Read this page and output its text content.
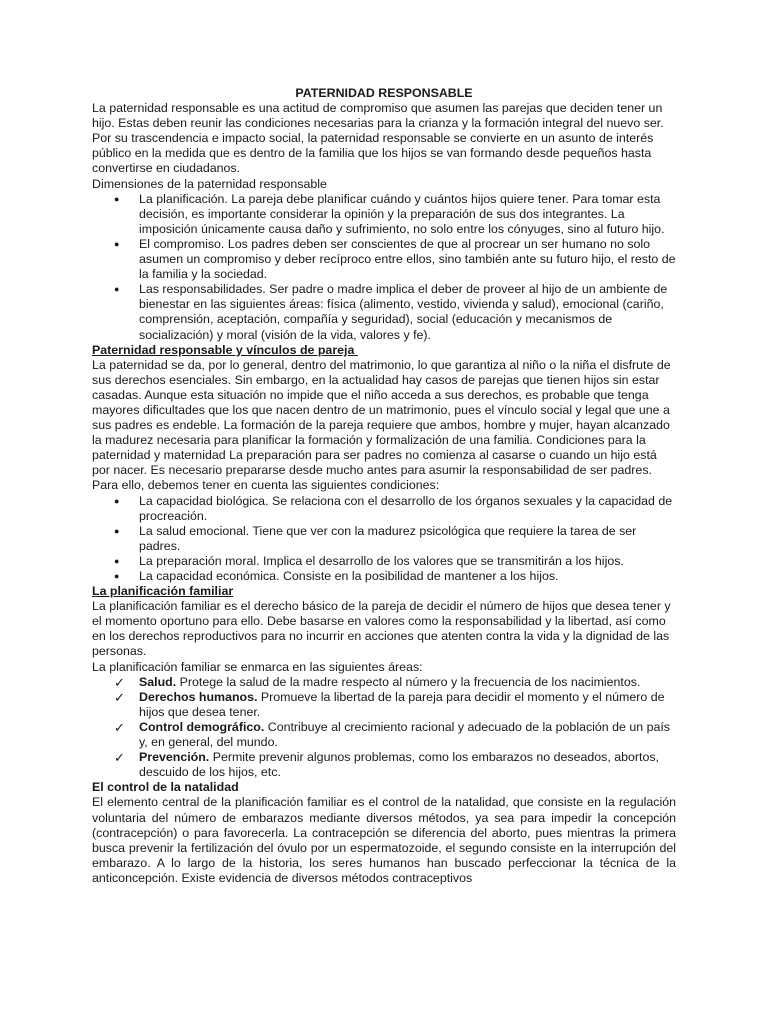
PATERNIDAD RESPONSABLE

La paternidad responsable es una actitud de compromiso que asumen las parejas que deciden tener un hijo. Estas deben reunir las condiciones necesarias para la crianza y la formación integral del nuevo ser. Por su trascendencia e impacto social, la paternidad responsable se convierte en un asunto de interés público en la medida que es dentro de la familia que los hijos se van formando desde pequeños hasta convertirse en ciudadanos.

Dimensiones de la paternidad responsable

●	La planificación. La pareja debe planificar cuándo y cuántos hijos quiere tener. Para tomar esta decisión, es importante considerar la opinión y la preparación de sus dos integrantes. La imposición únicamente causa daño y sufrimiento, no solo entre los cónyuges, sino al futuro hijo.
●	El compromiso. Los padres deben ser conscientes de que al procrear un ser humano no solo asumen un compromiso y deber recíproco entre ellos, sino también ante su futuro hijo, el resto de la familia y la sociedad.
●	Las responsabilidades. Ser padre o madre implica el deber de proveer al hijo de un ambiente de bienestar en las siguientes áreas: física (alimento, vestido, vivienda y salud), emocional (cariño, comprensión, aceptación, compañía y seguridad), social (educación y mecanismos de socialización) y moral (visión de la vida, valores y fe).

Paternidad responsable y vínculos de pareja

La paternidad se da, por lo general, dentro del matrimonio, lo que garantiza al niño o la niña el disfrute de sus derechos esenciales. Sin embargo, en la actualidad hay casos de parejas que tienen hijos sin estar casadas. Aunque esta situación no impide que el niño acceda a sus derechos, es probable que tenga mayores dificultades que los que nacen dentro de un matrimonio, pues el vínculo social y legal que une a sus padres es endeble. La formación de la pareja requiere que ambos, hombre y mujer, hayan alcanzado la madurez necesaria para planificar la formación y formalización de una familia. Condiciones para la paternidad y maternidad La preparación para ser padres no comienza al casarse o cuando un hijo está por nacer. Es necesario prepararse desde mucho antes para asumir la responsabilidad de ser padres.

Para ello, debemos tener en cuenta las siguientes condiciones:

●	La capacidad biológica. Se relaciona con el desarrollo de los órganos sexuales y la capacidad de procreación.
●	La salud emocional. Tiene que ver con la madurez psicológica que requiere la tarea de ser padres.
●	La preparación moral. Implica el desarrollo de los valores que se transmitirán a los hijos.
●	La capacidad económica. Consiste en la posibilidad de mantener a los hijos.

La planificación familiar

La planificación familiar es el derecho básico de la pareja de decidir el número de hijos que desea tener y el momento oportuno para ello. Debe basarse en valores como la responsabilidad y la libertad, así como en los derechos reproductivos para no incurrir en acciones que atenten contra la vida y la dignidad de las personas.

La planificación familiar se enmarca en las siguientes áreas:

✓	Salud. Protege la salud de la madre respecto al número y la frecuencia de los nacimientos.
✓	Derechos humanos. Promueve la libertad de la pareja para decidir el momento y el número de hijos que desea tener.
✓	Control demográfico. Contribuye al crecimiento racional y adecuado de la población de un país y, en general, del mundo.
✓	Prevención. Permite prevenir algunos problemas, como los embarazos no deseados, abortos, descuido de los hijos, etc.

El control de la natalidad

El elemento central de la planificación familiar es el control de la natalidad, que consiste en la regulación voluntaria del número de embarazos mediante diversos métodos, ya sea para impedir la concepción (contracepción) o para favorecerla. La contracepción se diferencia del aborto, pues mientras la primera busca prevenir la fertilización del óvulo por un espermatozoide, el segundo consiste en la interrupción del embarazo. A lo largo de la historia, los seres humanos han buscado perfeccionar la técnica de la anticoncepción. Existe evidencia de diversos métodos contraceptivos
